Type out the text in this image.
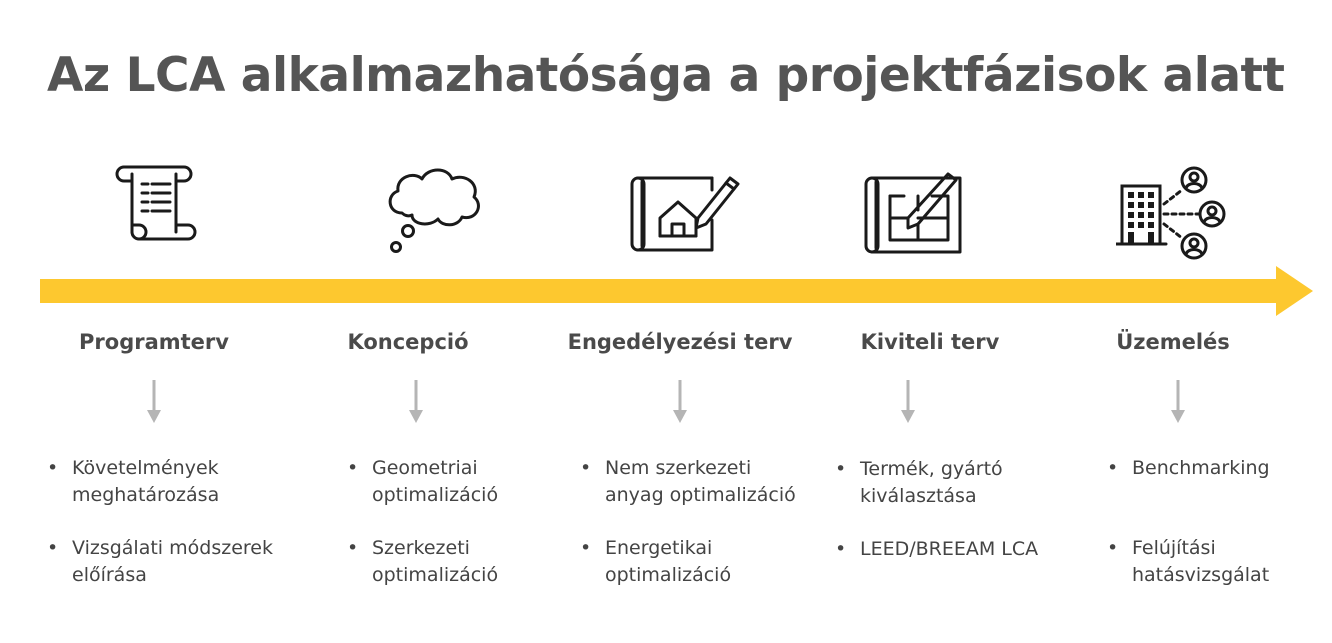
Az LCA alkalmazhatósága a projektfázisok alatt
Programterv	Koncepció	Engedélyezési terv	Kiviteli terv	Üzemelés
• Követelmények meghatározása
• Vizsgálati módszerek előírása
• Geometriai optimalizáció
• Szerkezeti optimalizáció
• Nem szerkezeti anyag optimalizáció
• Energetikai optimalizáció
• Termék, gyártó kiválasztása
• LEED/BREEAM LCA
• Benchmarking
• Felújítási hatásvizsgálat
